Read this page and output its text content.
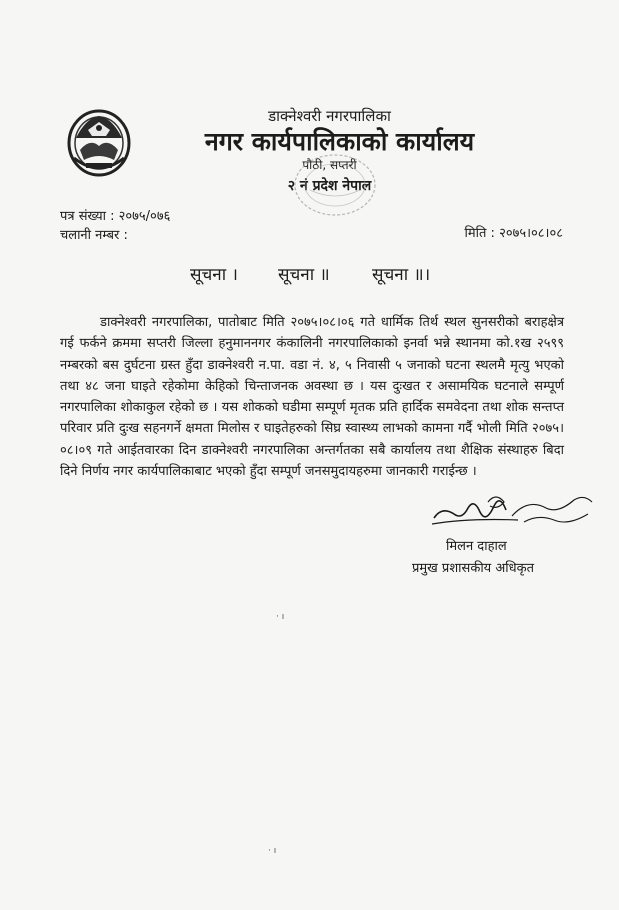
डाक्नेश्वरी नगरपालिका
नगर कार्यपालिकाको कार्यालय
पौठी, सप्तरी
२ नं प्रदेश नेपाल
पत्र संख्या : २०७५/०७६
चलानी नम्बर :	मिति : २०७५।०८।०८
सूचना । सूचना ॥ सूचना ॥।
डाक्नेश्वरी नगरपालिका, पातोबाट मिति २०७५।०८।०६ गते धार्मिक तिर्थ स्थल सुनसरीको बराहक्षेत्र गई फर्कने क्रममा सप्तरी जिल्ला हनुमाननगर कंकालिनी नगरपालिकाको इनर्वा भन्ने स्थानमा को.१ख २५९९ नम्बरको बस दुर्घटना ग्रस्त हुँदा डाक्नेश्वरी न.पा. वडा नं. ४, ५ निवासी ५ जनाको घटना स्थलमै मृत्यु भएको तथा ४८ जना घाइते रहेकोमा केहिको चिन्ताजनक अवस्था छ । यस दुःखत र असामयिक घटनाले सम्पूर्ण नगरपालिका शोकाकुल रहेको छ । यस शोकको घडीमा सम्पूर्ण मृतक प्रति हार्दिक समवेदना तथा शोक सन्तप्त परिवार प्रति दुःख सहनगर्ने क्षमता मिलोस र घाइतेहरुको सिघ्र स्वास्थ्य लाभको कामना गर्दै भोली मिति २०७५।०८।०९ गते आईतवारका दिन डाक्नेश्वरी नगरपालिका अन्तर्गतका सबै कार्यालय तथा शैक्षिक संस्थाहरु बिदा दिने निर्णय नगर कार्यपालिकाबाट भएको हुँदा सम्पूर्ण जनसमुदायहरुमा जानकारी गराईन्छ ।
मिलन दाहाल
प्रमुख प्रशासकीय अधिकृत
· ı
· ı
